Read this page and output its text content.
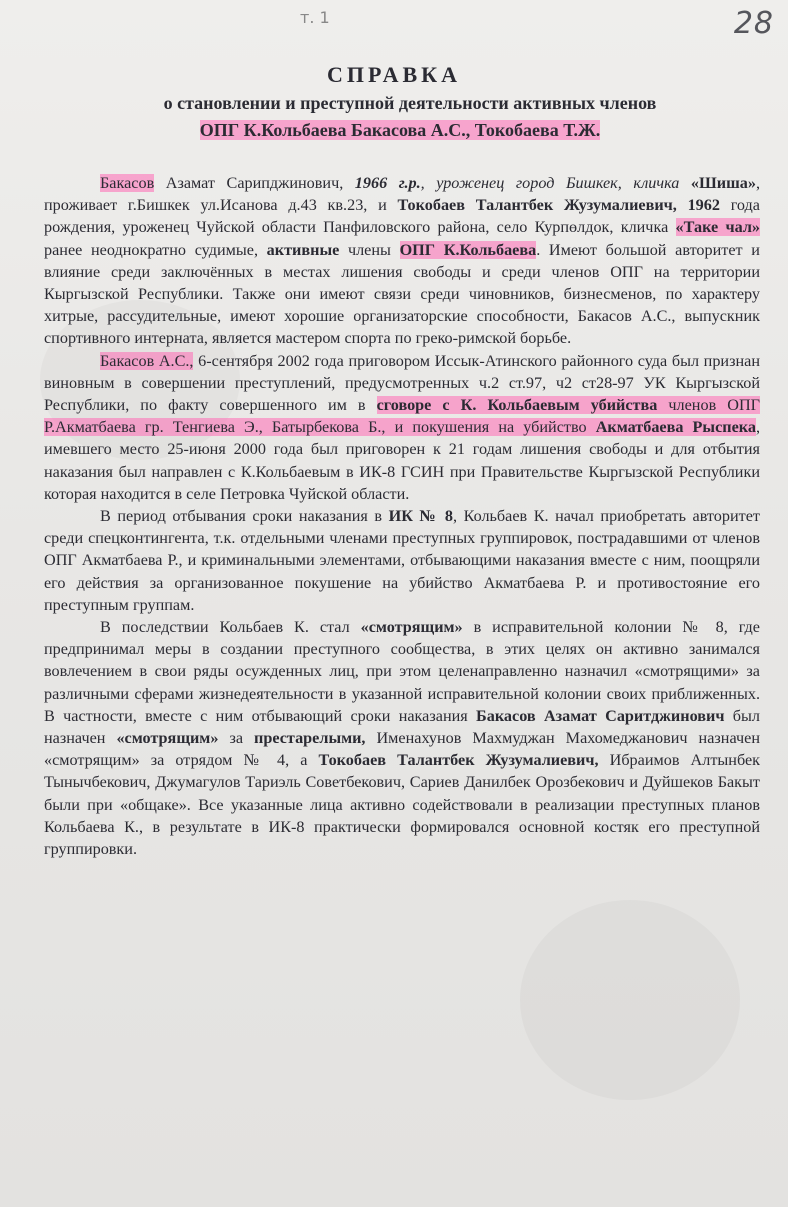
т. 1	28
СПРАВКА
о становлении и преступной деятельности активных членов
ОПГ К.Кольбаева Бакасова А.С., Токобаева Т.Ж.

Бакасов Азамат Сарипджинович, 1966 г.р., уроженец город Бишкек, кличка «Шиша», проживает г.Бишкек ул.Исанова д.43 кв.23, и Токобаев Талантбек Жузумалиевич, 1962 года рождения, уроженец Чуйской области Панфиловского района, село Курпөлдок, кличка «Таке чал» ранее неоднократно судимые, активные члены ОПГ К.Кольбаева. Имеют большой авторитет и влияние среди заключённых в местах лишения свободы и среди членов ОПГ на территории Кыргызской Республики. Также они имеют связи среди чиновников, бизнесменов, по характеру хитрые, рассудительные, имеют хорошие организаторские способности, Бакасов А.С., выпускник спортивного интерната, является мастером спорта по греко-римской борьбе.

Бакасов А.С., 6-сентября 2002 года приговором Иссык-Атинского районного суда был признан виновным в совершении преступлений, предусмотренных ч.2 ст.97, ч2 ст28-97 УК Кыргызской Республики, по факту совершенного им в сговоре с К. Кольбаевым убийства членов ОПГ Р.Акматбаева гр. Тенгиева Э., Батырбекова Б., и покушения на убийство Акматбаева Рыспека, имевшего место 25-июня 2000 года был приговорен к 21 годам лишения свободы и для отбытия наказания был направлен с К.Кольбаевым в ИК-8 ГСИН при Правительстве Кыргызской Республики которая находится в селе Петровка Чуйской области.

В период отбывания сроки наказания в ИК № 8, Кольбаев К. начал приобретать авторитет среди спецконтингента, т.к. отдельными членами преступных группировок, пострадавшими от членов ОПГ Акматбаева Р., и криминальными элементами, отбывающими наказания вместе с ним, поощряли его действия за организованное покушение на убийство Акматбаева Р. и противостояние его преступным группам.

В последствии Кольбаев К. стал «смотрящим» в исправительной колонии № 8, где предпринимал меры в создании преступного сообщества, в этих целях он активно занимался вовлечением в свои ряды осужденных лиц, при этом целенаправленно назначил «смотрящими» за различными сферами жизнедеятельности в указанной исправительной колонии своих приближенных. В частности, вместе с ним отбывающий сроки наказания Бакасов Азамат Саритджинович был назначен «смотрящим» за престарелыми, Именахунов Махмуджан Махомеджанович назначен «смотрящим» за отрядом № 4, а Токобаев Талантбек Жузумалиевич, Ибраимов Алтынбек Тынычбекович, Джумагулов Тариэль Советбекович, Сариев Данилбек Орозбекович и Дуйшеков Бакыт были при «общаке». Все указанные лица активно содействовали в реализации преступных планов Кольбаева К., в результате в ИК-8 практически формировался основной костяк его преступной группировки.
